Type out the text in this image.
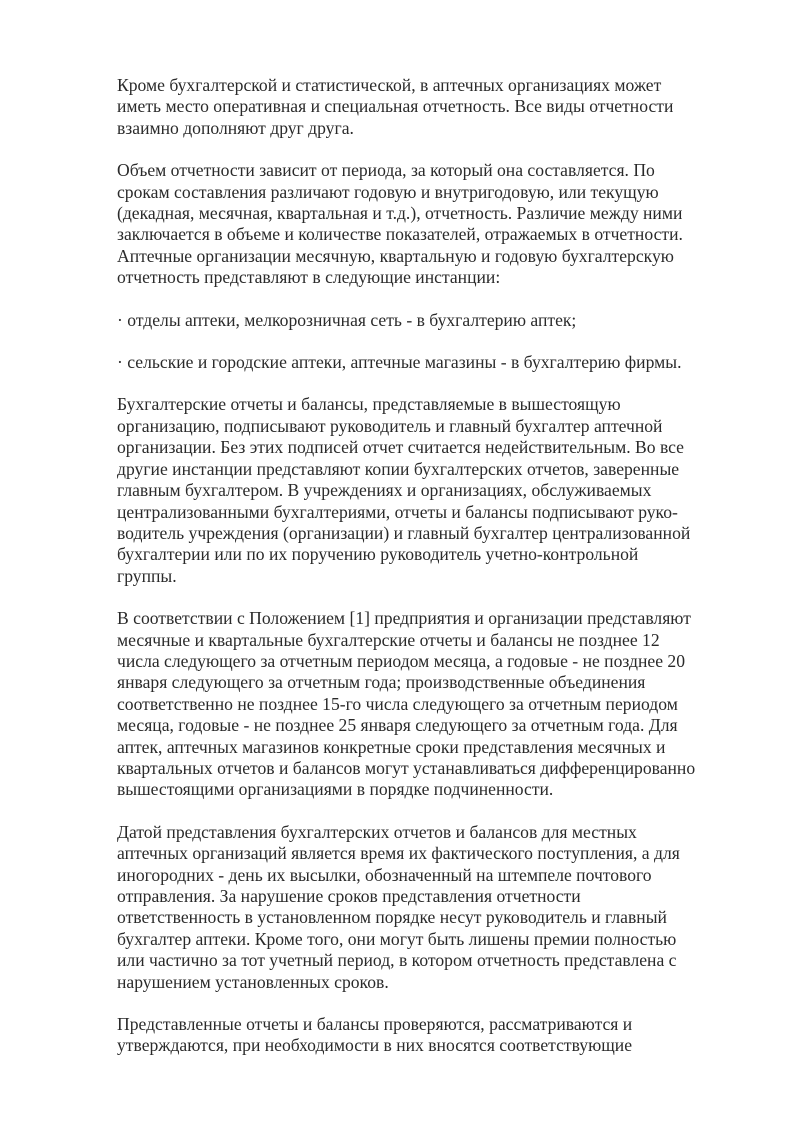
Кроме бухгалтерской и статистической, в аптечных организациях может
иметь место оперативная и специальная отчетность. Все виды отчетности
взаимно дополняют друг друга.

Объем отчетности зависит от периода, за который она составляется. По
срокам составления различают годовую и внутригодовую, или текущую
(декадная, месячная, квартальная и т.д.), отчетность. Различие между ними
заключается в объеме и количестве показателей, отражаемых в отчетности.
Аптечные организации месячную, квартальную и годовую бухгалтерскую
отчетность представляют в следующие инстанции:

· отделы аптеки, мелкорозничная сеть - в бухгалтерию аптек;

· сельские и городские аптеки, аптечные магазины - в бухгалтерию фирмы.

Бухгалтерские отчеты и балансы, представляемые в вышестоящую
организацию, подписывают руководитель и главный бухгалтер аптечной
организации. Без этих подписей отчет считается недействительным. Во все
другие инстанции представляют копии бухгалтерских отчетов, заверенные
главным бухгалтером. В учреждениях и организациях, обслуживаемых
централизованными бухгалтериями, отчеты и балансы подписывают руко-
водитель учреждения (организации) и главный бухгалтер централизованной
бухгалтерии или по их поручению руководитель учетно-контрольной
группы.

В соответствии с Положением [1] предприятия и организации представляют
месячные и квартальные бухгалтерские отчеты и балансы не позднее 12
числа следующего за отчетным периодом месяца, а годовые - не позднее 20
января следующего за отчетным года; производственные объединения
соответственно не позднее 15-го числа следующего за отчетным периодом
месяца, годовые - не позднее 25 января следующего за отчетным года. Для
аптек, аптечных магазинов конкретные сроки представления месячных и
квартальных отчетов и балансов могут устанавливаться дифференцированно
вышестоящими организациями в порядке подчиненности.

Датой представления бухгалтерских отчетов и балансов для местных
аптечных организаций является время их фактического поступления, а для
иногородних - день их высылки, обозначенный на штемпеле почтового
отправления. За нарушение сроков представления отчетности
ответственность в установленном порядке несут руководитель и главный
бухгалтер аптеки. Кроме того, они могут быть лишены премии полностью
или частично за тот учетный период, в котором отчетность представлена с
нарушением установленных сроков.

Представленные отчеты и балансы проверяются, рассматриваются и
утверждаются, при необходимости в них вносятся соответствующие
